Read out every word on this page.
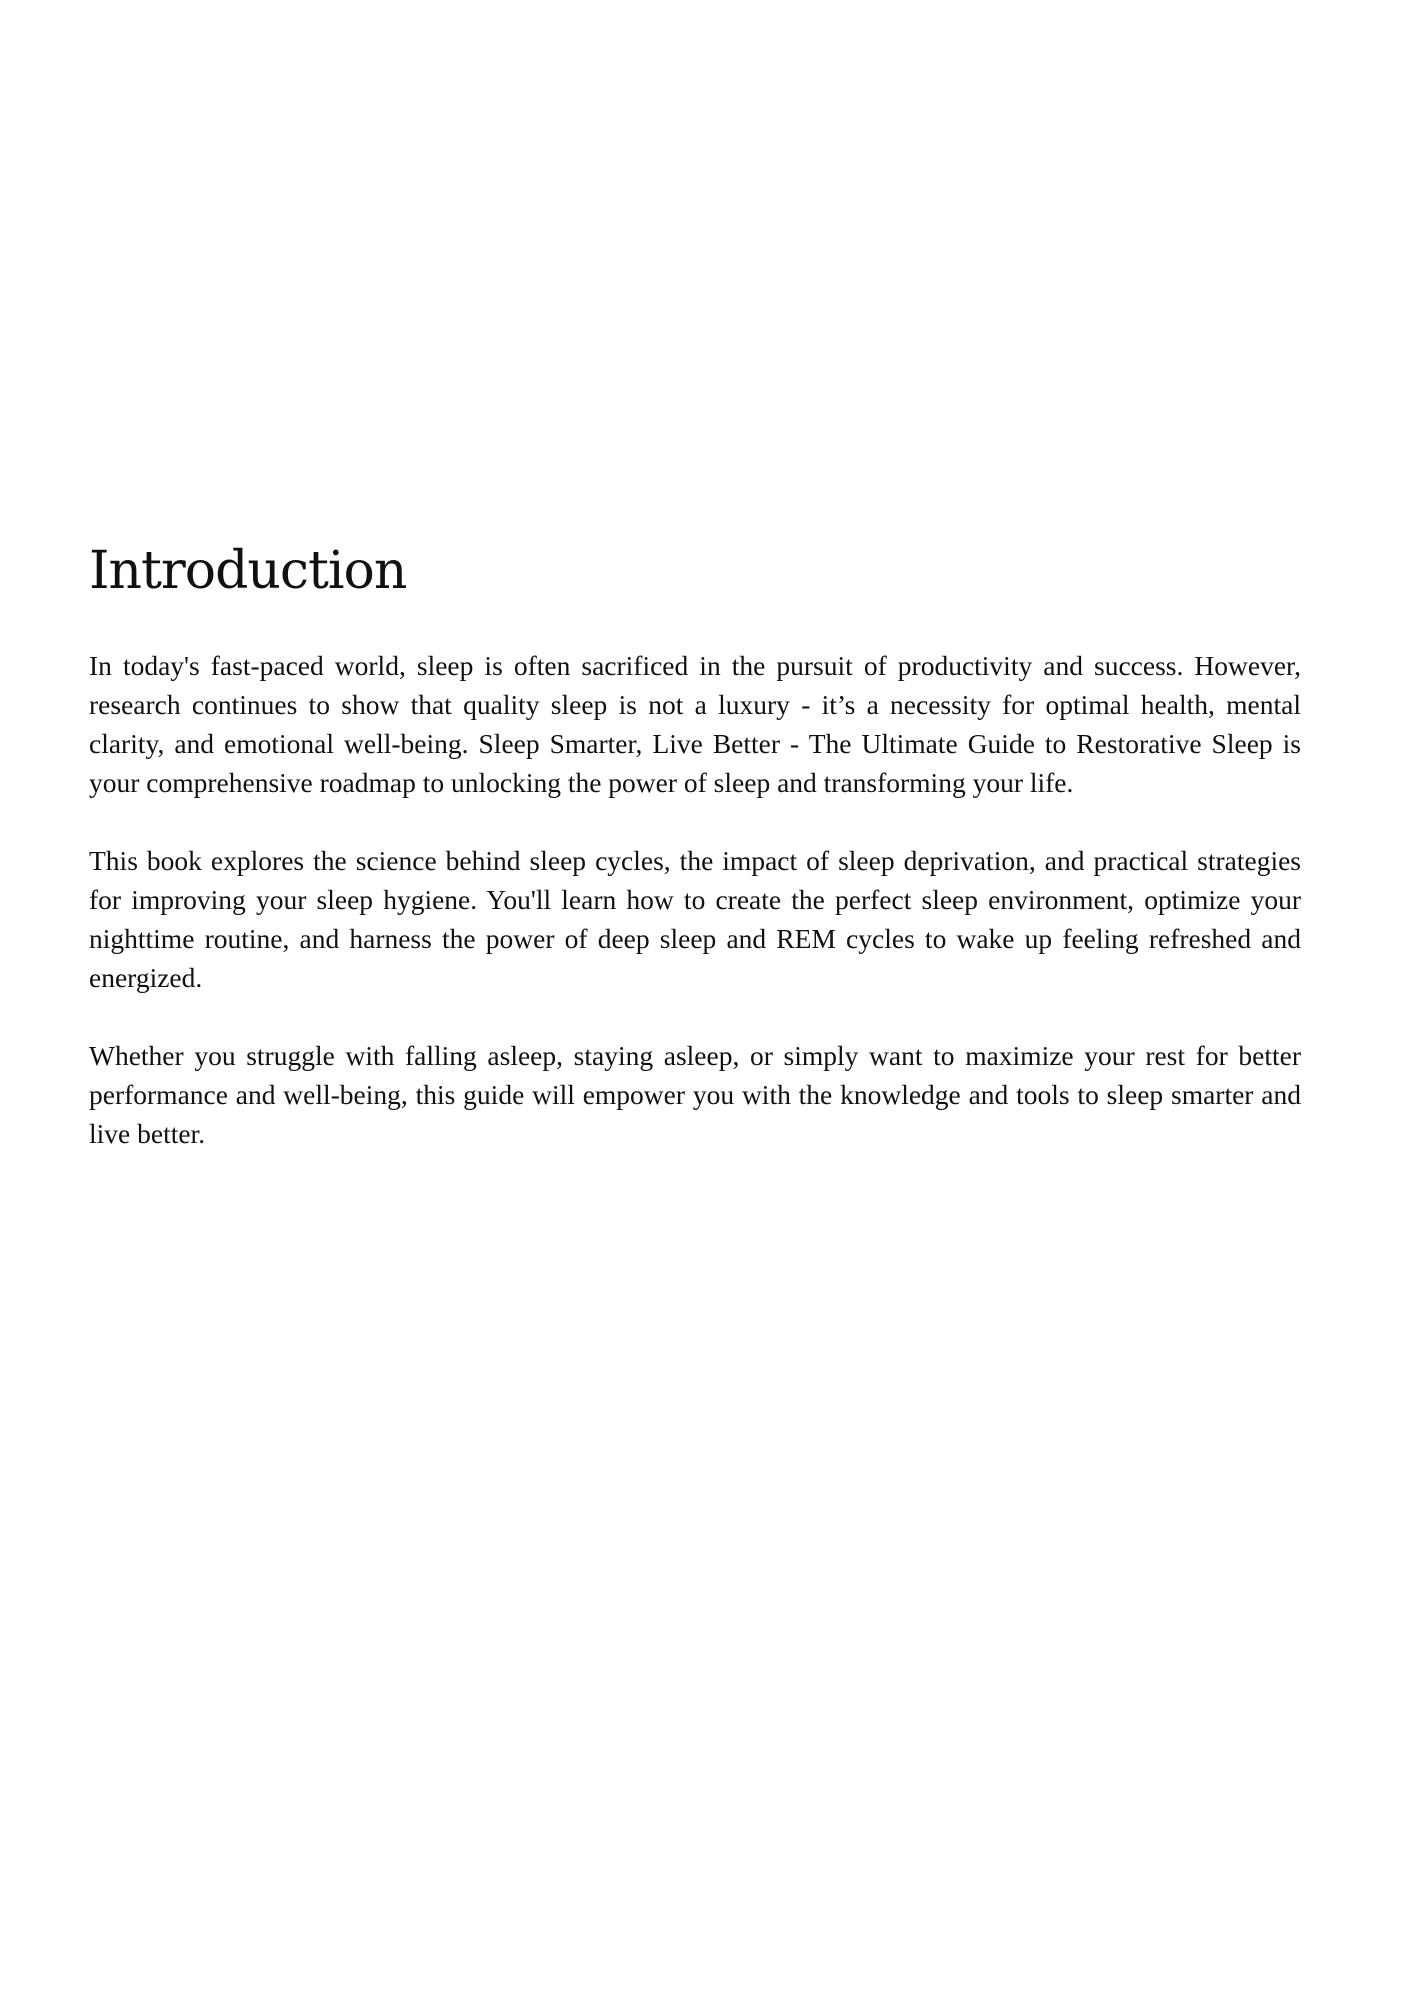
Introduction

In today's fast-paced world, sleep is often sacrificed in the pursuit of productivity and success. However, research continues to show that quality sleep is not a luxury - it’s a necessity for optimal health, mental clarity, and emotional well-being. Sleep Smarter, Live Better - The Ultimate Guide to Restorative Sleep is your comprehensive roadmap to unlocking the power of sleep and transforming your life.

This book explores the science behind sleep cycles, the impact of sleep deprivation, and practical strategies for improving your sleep hygiene. You'll learn how to create the perfect sleep environment, optimize your nighttime routine, and harness the power of deep sleep and REM cycles to wake up feeling refreshed and energized.

Whether you struggle with falling asleep, staying asleep, or simply want to maximize your rest for better performance and well-being, this guide will empower you with the knowledge and tools to sleep smarter and live better.
